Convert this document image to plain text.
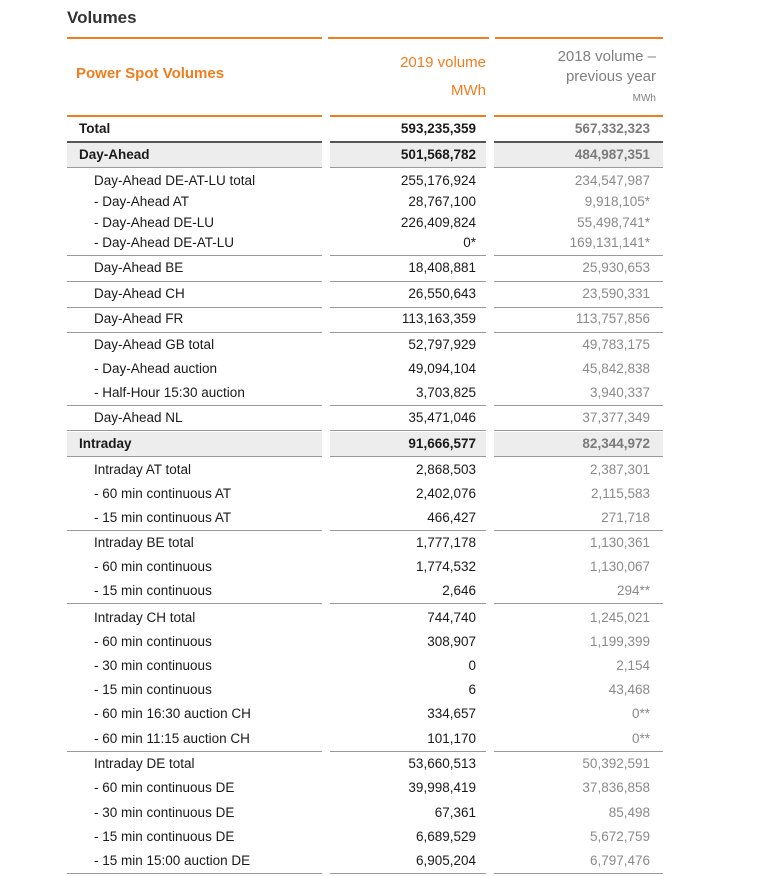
Volumes
Power Spot Volumes
2019 volume
MWh
2018 volume –
previous year
MWh
Total	593,235,359	567,332,323
Day-Ahead	501,568,782	484,987,351
Day-Ahead DE-AT-LU total	255,176,924	234,547,987
- Day-Ahead AT	28,767,100	9,918,105*
- Day-Ahead DE-LU	226,409,824	55,498,741*
- Day-Ahead DE-AT-LU	0*	169,131,141*
Day-Ahead BE	18,408,881	25,930,653
Day-Ahead CH	26,550,643	23,590,331
Day-Ahead FR	113,163,359	113,757,856
Day-Ahead GB total	52,797,929	49,783,175
- Day-Ahead auction	49,094,104	45,842,838
- Half-Hour 15:30 auction	3,703,825	3,940,337
Day-Ahead NL	35,471,046	37,377,349
Intraday	91,666,577	82,344,972
Intraday AT total	2,868,503	2,387,301
- 60 min continuous AT	2,402,076	2,115,583
- 15 min continuous AT	466,427	271,718
Intraday BE total	1,777,178	1,130,361
- 60 min continuous	1,774,532	1,130,067
- 15 min continuous	2,646	294**
Intraday CH total	744,740	1,245,021
- 60 min continuous	308,907	1,199,399
- 30 min continuous	0	2,154
- 15 min continuous	6	43,468
- 60 min 16:30 auction CH	334,657	0**
- 60 min 11:15 auction CH	101,170	0**
Intraday DE total	53,660,513	50,392,591
- 60 min continuous DE	39,998,419	37,836,858
- 30 min continuous DE	67,361	85,498
- 15 min continuous DE	6,689,529	5,672,759
- 15 min 15:00 auction DE	6,905,204	6,797,476
